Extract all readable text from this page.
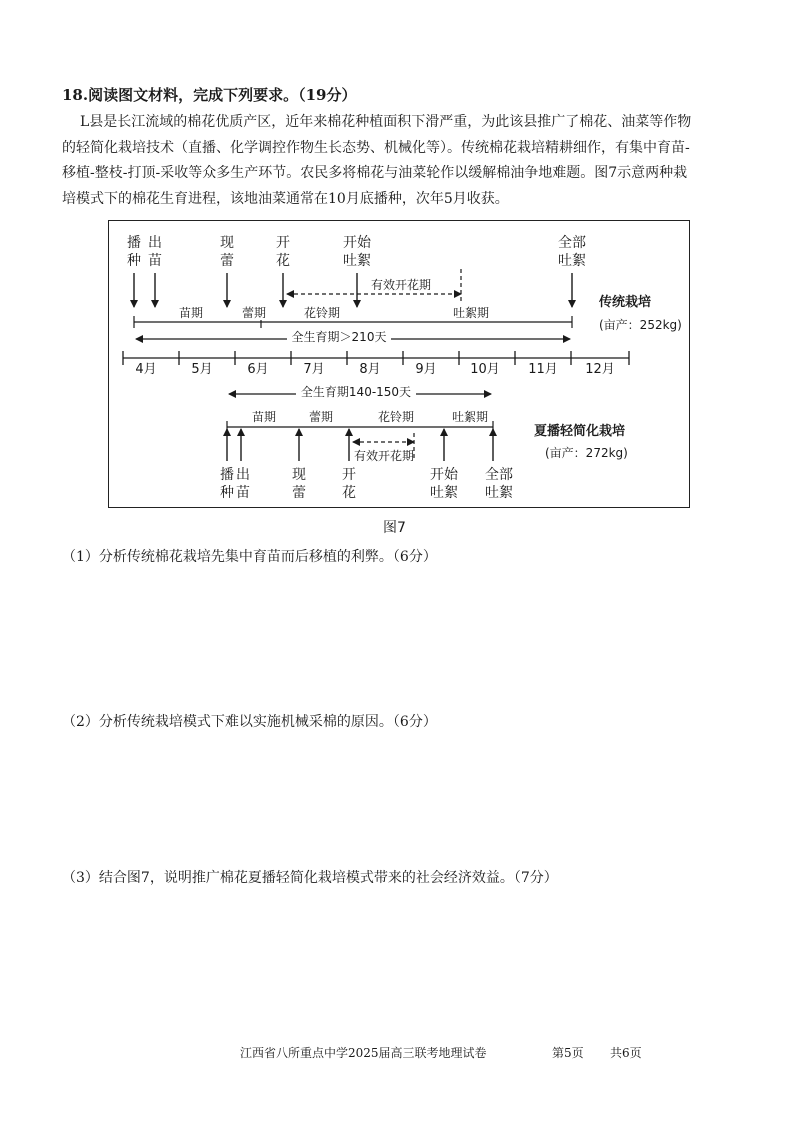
18.阅读图文材料，完成下列要求。（19分）
L县是长江流域的棉花优质产区，近年来棉花种植面积下滑严重，为此该县推广了棉花、油菜等作物
的轻简化栽培技术（直播、化学调控作物生长态势、机械化等）。传统棉花栽培精耕细作，有集中育苗-
移植-整枝-打顶-采收等众多生产环节。农民多将棉花与油菜轮作以缓解棉油争地难题。图7示意两种栽
培模式下的棉花生育进程，该地油菜通常在10月底播种，次年5月收获。
播
种
出
苗
现
蕾
开
花
开始
吐絮
全部
吐絮
有效开花期
苗期	蕾期	花铃期	吐絮期
全生育期＞210天
传统栽培
(亩产：252kg)
4月	5月	6月	7月	8月	9月	10月 11月 12月
全生育期140-150天
苗期	蕾期	花铃期	吐絮期
有效开花期
播
种
出
苗
现
蕾
开
花
开始
吐絮
全部
吐絮
夏播轻简化栽培
(亩产：272kg)
图7
（1）分析传统棉花栽培先集中育苗而后移植的利弊。（6分）
（2）分析传统栽培模式下难以实施机械采棉的原因。（6分）
（3）结合图7，说明推广棉花夏播轻简化栽培模式带来的社会经济效益。（7分）
江西省八所重点中学2025届高三联考地理试卷	第5页 共6页
